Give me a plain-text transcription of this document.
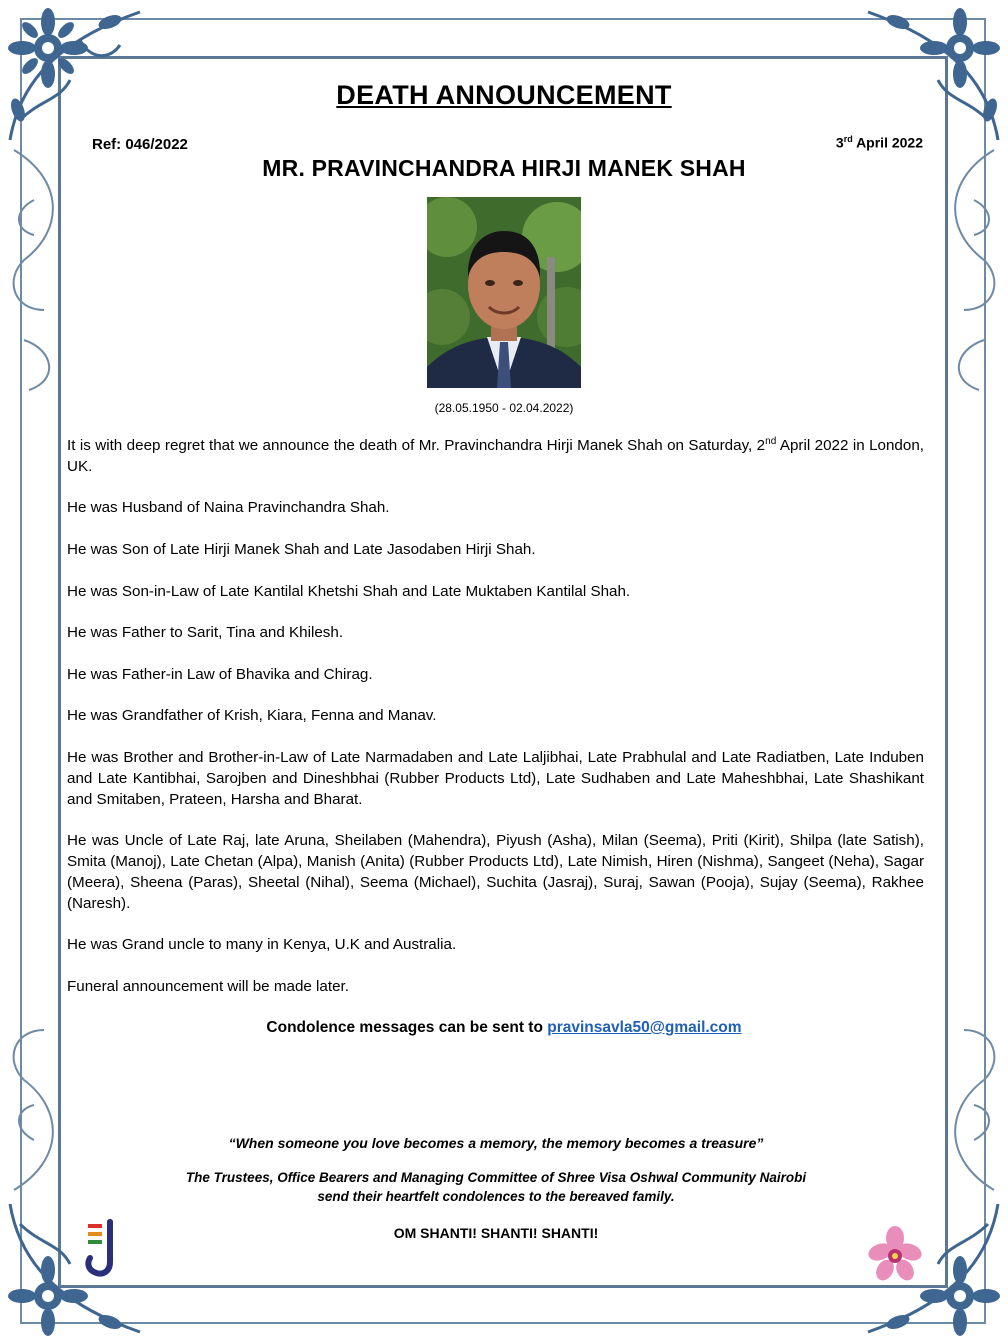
DEATH ANNOUNCEMENT
Ref: 046/2022	3rd April 2022
MR. PRAVINCHANDRA HIRJI MANEK SHAH
(28.05.1950 - 02.04.2022)

It is with deep regret that we announce the death of Mr. Pravinchandra Hirji Manek Shah on Saturday, 2nd April 2022 in London, UK.

He was Husband of Naina Pravinchandra Shah.

He was Son of Late Hirji Manek Shah and Late Jasodaben Hirji Shah.

He was Son-in-Law of Late Kantilal Khetshi Shah and Late Muktaben Kantilal Shah.

He was Father to Sarit, Tina and Khilesh.

He was Father-in Law of Bhavika and Chirag.

He was Grandfather of Krish, Kiara, Fenna and Manav.

He was Brother and Brother-in-Law of Late Narmadaben and Late Laljibhai, Late Prabhulal and Late Radiatben, Late Induben and Late Kantibhai, Sarojben and Dineshbhai (Rubber Products Ltd), Late Sudhaben and Late Maheshbhai, Late Shashikant and Smitaben, Prateen, Harsha and Bharat.

He was Uncle of Late Raj, late Aruna, Sheilaben (Mahendra), Piyush (Asha), Milan (Seema), Priti (Kirit), Shilpa (late Satish), Smita (Manoj), Late Chetan (Alpa), Manish (Anita) (Rubber Products Ltd), Late Nimish, Hiren (Nishma), Sangeet (Neha), Sagar (Meera), Sheena (Paras), Sheetal (Nihal), Seema (Michael), Suchita (Jasraj), Suraj, Sawan (Pooja), Sujay (Seema), Rakhee (Naresh).

He was Grand uncle to many in Kenya, U.K and Australia.

Funeral announcement will be made later.

Condolence messages can be sent to pravinsavla50@gmail.com
“When someone you love becomes a memory, the memory becomes a treasure”
The Trustees, Office Bearers and Managing Committee of Shree Visa Oshwal Community Nairobi
send their heartfelt condolences to the bereaved family.
OM SHANTI! SHANTI! SHANTI!
